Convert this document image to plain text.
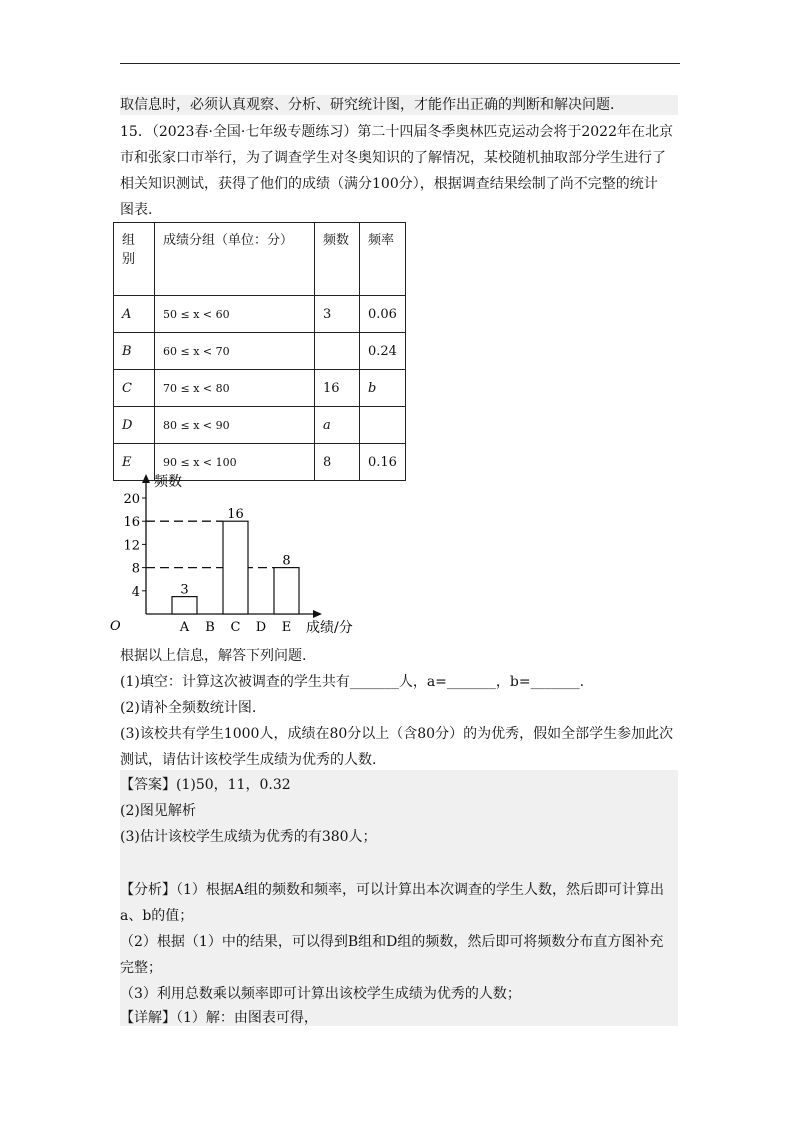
取信息时，必须认真观察、分析、研究统计图，才能作出正确的判断和解决问题．
15．（2023春·全国·七年级专题练习）第二十四届冬季奥林匹克运动会将于2022年在北京
市和张家口市举行，为了调查学生对冬奥知识的了解情况，某校随机抽取部分学生进行了
相关知识测试，获得了他们的成绩（满分100分），根据调查结果绘制了尚不完整的统计
图表.
组别	成绩分组（单位：分）	频数	频率
A	50 ≤ x < 60	3	0.06
B	60 ≤ x < 70		0.24
C	70 ≤ x < 80	16	b
D	80 ≤ x < 90	a	
E	90 ≤ x < 100	8	0.16
3
16
8
4
8
12
16
20
A B C D E
频数
成绩/分
O
根据以上信息，解答下列问题.
(1)填空：计算这次被调查的学生共有_______人，a=_______，b=_______.
(2)请补全频数统计图.
(3)该校共有学生1000人，成绩在80分以上（含80分）的为优秀，假如全部学生参加此次
测试，请估计该校学生成绩为优秀的人数.
【答案】(1)50，11，0.32
(2)图见解析
(3)估计该校学生成绩为优秀的有380人；
【分析】（1）根据A组的频数和频率，可以计算出本次调查的学生人数，然后即可计算出
a、b的值；
（2）根据（1）中的结果，可以得到B组和D组的频数，然后即可将频数分布直方图补充
完整；
（3）利用总数乘以频率即可计算出该校学生成绩为优秀的人数；
【详解】（1）解：由图表可得，
